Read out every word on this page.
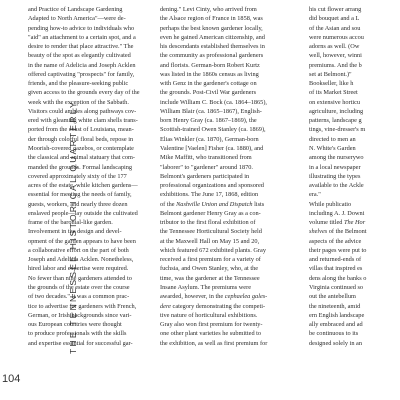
THE TENNESSEE HISTORICAL QUARTERLY
104
and Practice of Landscape Gardening
Adapted to North America"—were de-
pending how-to advice to individuals who
"aid" an attachment to a certain spot, and a
desire to render that place attractive." The
beauty of the spot as elegantly cultivated
in the name of Adelicia and Joseph Acklen
offered captivating "prospects" for family,
friends, and the pleasure-seeking public
given access to the grounds every day of the
week with the exception of the Sabbath.
Visitors could ambles along pathways cov-
ered with gleaming white clam shells trans-
ported from the coast of Louisiana, mean-
der through colorful floral beds, repose in
Moorish-covered gazebos, or contemplate
the classical and animal statuary that com-
manded the grounds. Formal landscaping
covered approximately sixty of the 177
acres of the estate, while kitchen gardens—
essential for meeting the needs of family,
guests, workers, and nearly three dozen
enslaved people—lay outside the cultivated
frame of the baronial-like garden.
Involvement in the design and devel-
opment of the garden appears to have been
a collaborative effort on the part of both
Joseph and Adelicia Acklen. Nonetheless,
hired labor and expertise were required.
No fewer than nine gardeners attended to
the grounds of the estate over the course
of two decades." It was a common prac-
tice to advertise for gardeners with French,
German, or Irish backgrounds since vari-
ous European countries were thought
to produce professionals with the skills
and expertise essential for successful gar-
dening." Levi Cinty, who arrived from
the Alsace region of France in 1858, was
perhaps the best known gardener locally,
even he gained American citizenship, and
his descendants established themselves in
the community as professional gardeners
and florists. German-born Robert Kurtz
was listed in the 1860s census as living
with Genz in the gardener's cottage on
the grounds. Post-Civil War gardeners
include William C. Bock (ca. 1864–1865),
William Blair (ca. 1865–1867), English-
born Henry Gray (ca. 1867–1869), the
Scottish-trained Owen Stanley (ca. 1869),
Elias Winkler (ca. 1870), German-born
Valentine [Vaelen] Fisher (ca. 1880), and
Mike Maffitt, who transitioned from
"laborer" to "gardener" around 1870.
Belmont's gardeners participated in
professional organizations and sponsored
exhibitions. The June 17, 1868, edition
of the Nashville Union and Dispatch lists
Belmont gardener Henry Gray as a con-
tributor to the first floral exhibition of
the Tennessee Horticultural Society held
at the Maxwell Hall on May 15 and 20,
which featured 672 exhibited plants. Gray
received a first premium for a variety of
fuchsia, and Owen Stanley, who, at the
time, was the gardener at the Tennessee
Insane Asylum. The premiums were
awarded, however, in the cephaelea gales-
dere category demonstrating the competi-
tive nature of horticultural exhibitions.
Gray also won first premium for twenty-
one other plant varieties he submitted to
the exhibition, as well as first premium for
his cut flower arrang
did bouquet and a L
of the Asian and sou
were numerous accou
adorns as well. (Ow
well, however, winni
premiums. And the b
set at Belmont.)"
Bookseller, like h
of its Market Street
on extensive horticu
agriculture, including
patterns, landscape g
tings, vine-dresser's m
directed to men an
N. White's Garden
among the nurserywo
in a local newspaper
illustrating the types
available to the Ackle
era."
While publicatio
including A. J. Downi
volume titled The Hor
shelves of the Belmont
aspects of the advice
their pages were put to
and returned-ends of
villas that inspired es
dens along the banks o
Virginia continued so
out the antebellum
the nineteenth, amid
ern English landscape
ally embraced and ad
be continuous to its
designed solely in an
